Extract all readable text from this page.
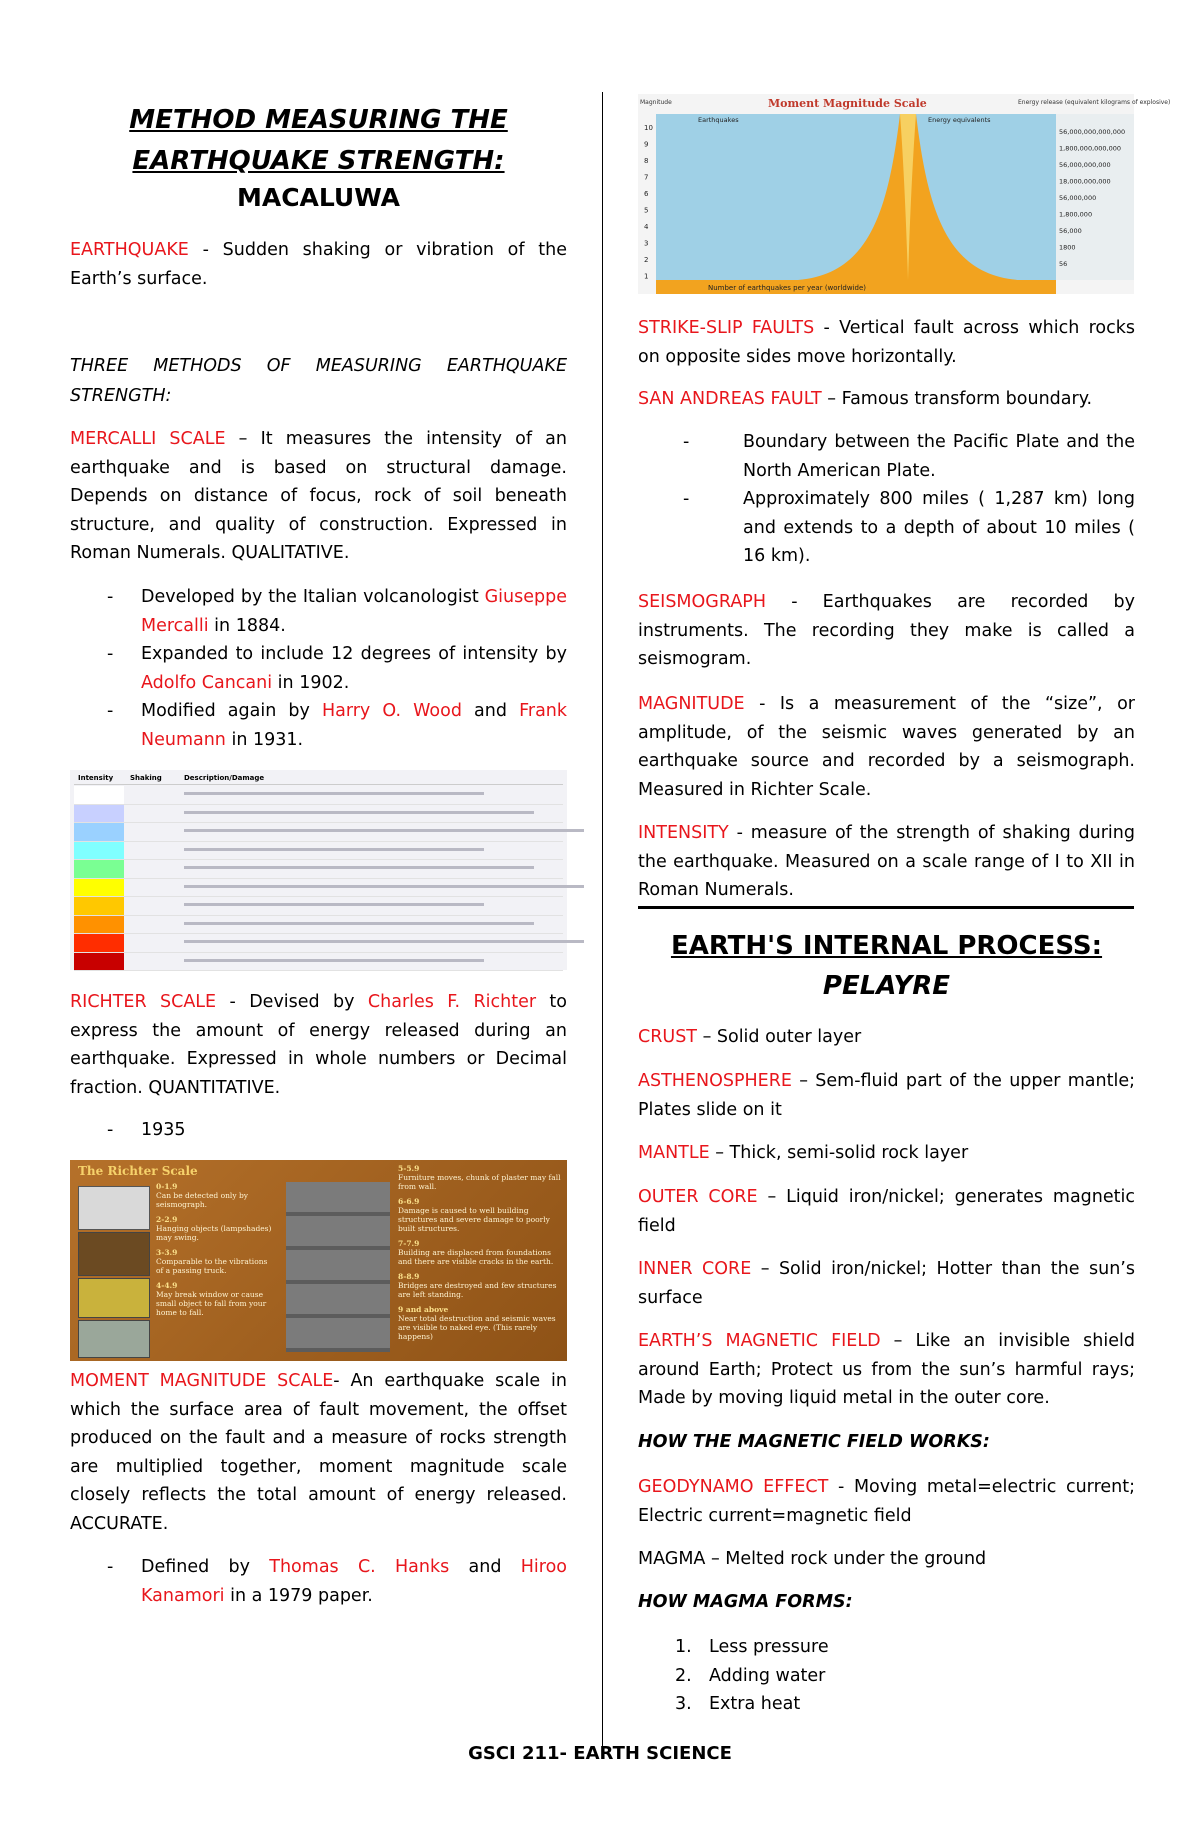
METHOD MEASURING THE
EARTHQUAKE STRENGTH:
MACALUWA

EARTHQUAKE - Sudden shaking or vibration of the Earth’s surface.

THREE METHODS OF MEASURING EARTHQUAKE STRENGTH:

MERCALLI SCALE – It measures the intensity of an earthquake and is based on structural damage. Depends on distance of focus, rock of soil beneath structure, and quality of construction. Expressed in Roman Numerals. QUALITATIVE.

- Developed by the Italian volcanologist Giuseppe Mercalli in 1884.
- Expanded to include 12 degrees of intensity by Adolfo Cancani in 1902.
- Modified again by Harry O. Wood and Frank Neumann in 1931.
Intensity Shaking	Description/Damage

RICHTER SCALE - Devised by Charles F. Richter to express the amount of energy released during an earthquake. Expressed in whole numbers or Decimal fraction. QUANTITATIVE.

- 1935
The Richter Scale
0-1.9
Can be detected only by seismograph.
2-2.9
Hanging objects (lampshades) may swing.
3-3.9
Comparable to the vibrations of a passing truck.
4-4.9
May break window or cause small object to fall from your home to fall.
5-5.9
Furniture moves, chunk of plaster may fall from wall.
6-6.9
Damage is caused to well building structures and severe damage to poorly built structures.
7-7.9
Building are displaced from foundations and there are visible cracks in the earth.
8-8.9
Bridges are destroyed and few structures are left standing.
9 and above
Near total destruction and seismic waves are visible to naked eye. (This rarely happens)

MOMENT MAGNITUDE SCALE- An earthquake scale in which the surface area of fault movement, the offset produced on the fault and a measure of rocks strength are multiplied together, moment magnitude scale closely reflects the total amount of energy released. ACCURATE.

- Defined by Thomas C. Hanks and Hiroo Kanamori in a 1979 paper.
Moment Magnitude Scale
Magnitude	Energy release (equivalent kilograms of explosive)
Earthquakes	Energy equivalents
Number of earthquakes per year (worldwide)
10
9
8
7
6
5
4
3
2
1
56,000,000,000,000
1,800,000,000,000
56,000,000,000
18,000,000,000
56,000,000
1,800,000
56,000
1800
56

STRIKE-SLIP FAULTS - Vertical fault across which rocks on opposite sides move horizontally.

SAN ANDREAS FAULT – Famous transform boundary.

- Boundary between the Pacific Plate and the North American Plate.
- Approximately 800 miles ( 1,287 km) long and extends to a depth of about 10 miles ( 16 km).

SEISMOGRAPH - Earthquakes are recorded by instruments. The recording they make is called a seismogram.

MAGNITUDE - Is a measurement of the “size”, or amplitude, of the seismic waves generated by an earthquake source and recorded by a seismograph. Measured in Richter Scale.

INTENSITY - measure of the strength of shaking during the earthquake. Measured on a scale range of I to XII in Roman Numerals.

EARTH'S INTERNAL PROCESS:
PELAYRE

CRUST – Solid outer layer

ASTHENOSPHERE – Sem-fluid part of the upper mantle; Plates slide on it

MANTLE – Thick, semi-solid rock layer

OUTER CORE – Liquid iron/nickel; generates magnetic field

INNER CORE – Solid iron/nickel; Hotter than the sun’s surface

EARTH’S MAGNETIC FIELD – Like an invisible shield around Earth; Protect us from the sun’s harmful rays; Made by moving liquid metal in the outer core.

HOW THE MAGNETIC FIELD WORKS:

GEODYNAMO EFFECT - Moving metal=electric current; Electric current=magnetic field

MAGMA – Melted rock under the ground

HOW MAGMA FORMS:

1. Less pressure
2. Adding water
3. Extra heat
GSCI 211- EARTH SCIENCE
